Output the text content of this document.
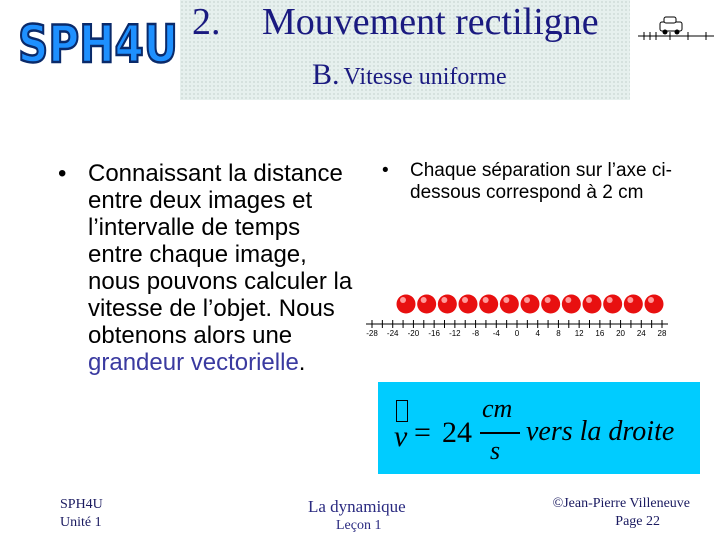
SPH4U 2. Mouvement rectiligne
B. Vitesse uniforme
• Connaissant la distance entre deux images et l’intervalle de temps entre chaque image, nous pouvons calculer la vitesse de l’objet. Nous obtenons alors une grandeur vectorielle.
• Chaque séparation sur l’axe ci-dessous correspond à 2 cm
-28 -24 -20 -16 -12 -8 -4 0 4 8 12 16 20 24 28
v = 24
cm
s
vers la droite
SPH4U
Unité 1
La dynamique
Leçon 1
©Jean-Pierre Villeneuve
Page 22
